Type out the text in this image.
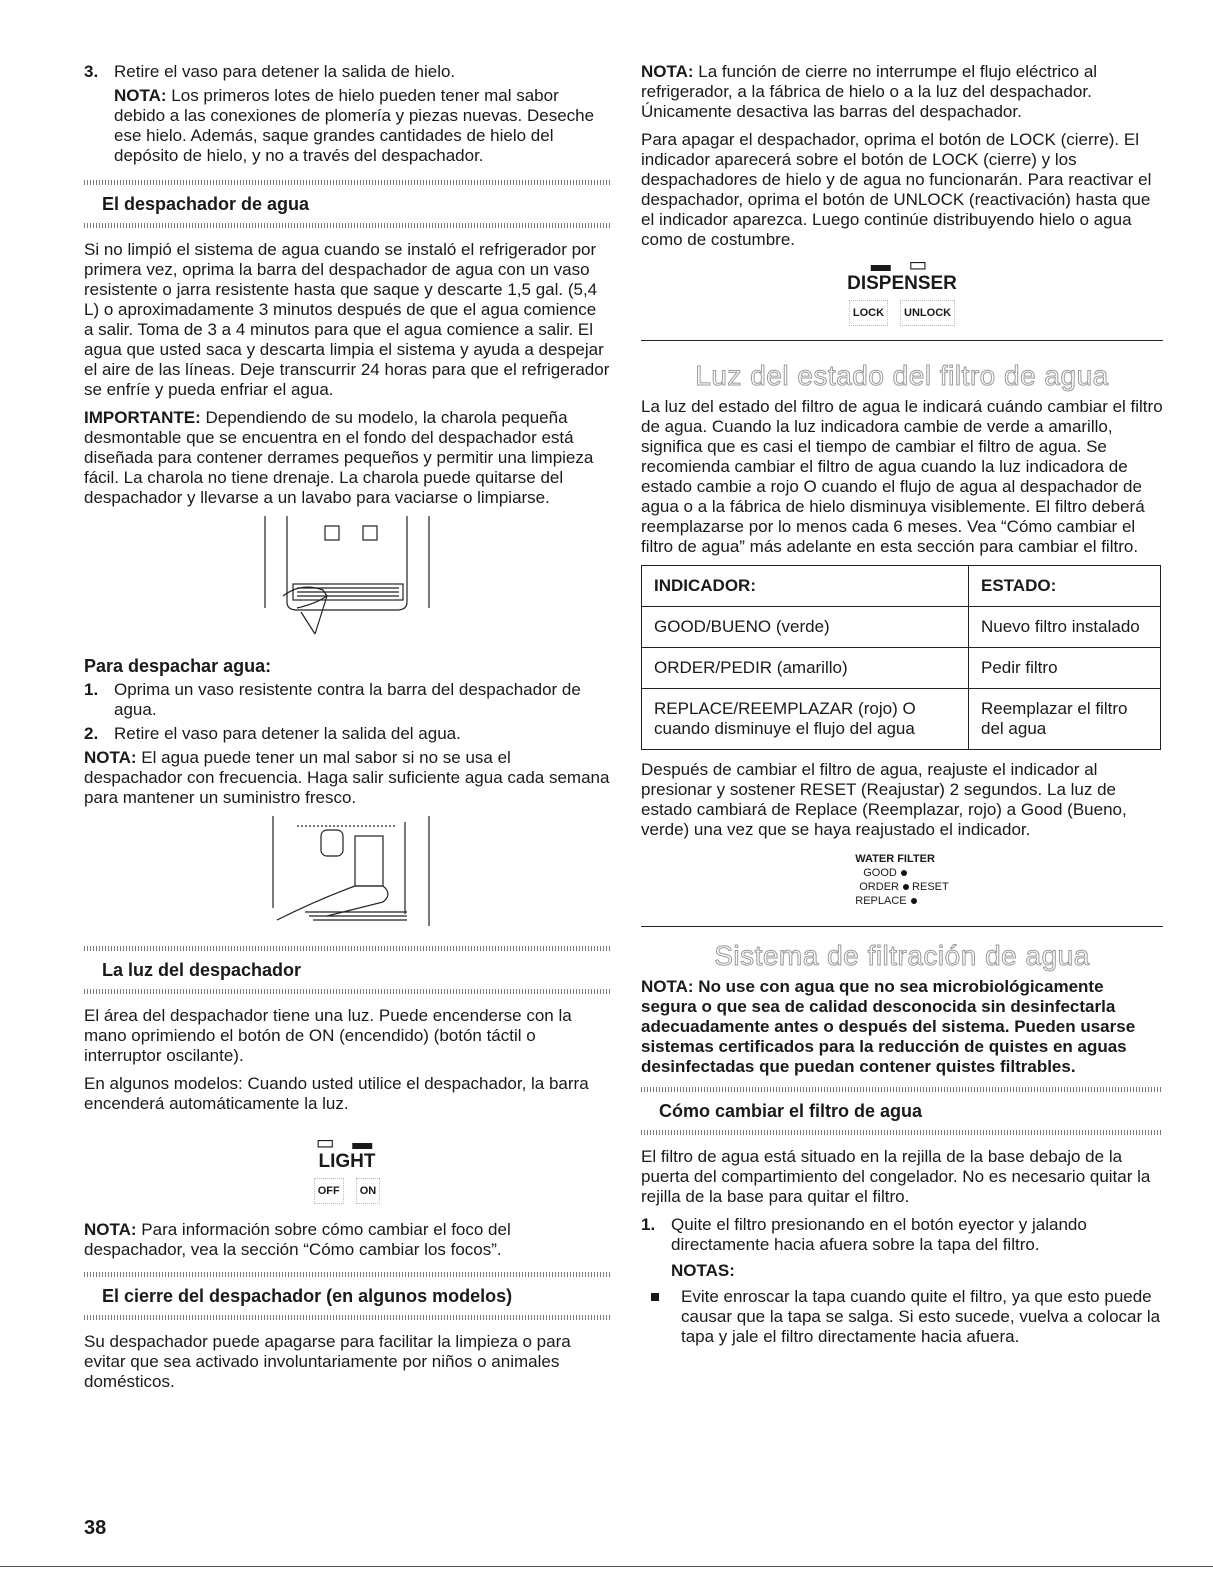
3. Retire el vaso para detener la salida de hielo.

NOTA: Los primeros lotes de hielo pueden tener mal sabor debido a las conexiones de plomería y piezas nuevas. Deseche ese hielo. Además, saque grandes cantidades de hielo del depósito de hielo, y no a través del despachador.

El despachador de agua

Si no limpió el sistema de agua cuando se instaló el refrigerador por primera vez, oprima la barra del despachador de agua con un vaso resistente o jarra resistente hasta que saque y descarte 1,5 gal. (5,4 L) o aproximadamente 3 minutos después de que el agua comience a salir. Toma de 3 a 4 minutos para que el agua comience a salir. El agua que usted saca y descarta limpia el sistema y ayuda a despejar el aire de las líneas. Deje transcurrir 24 horas para que el refrigerador se enfríe y pueda enfriar el agua.

IMPORTANTE: Dependiendo de su modelo, la charola pequeña desmontable que se encuentra en el fondo del despachador está diseñada para contener derrames pequeños y permitir una limpieza fácil. La charola no tiene drenaje. La charola puede quitarse del despachador y llevarse a un lavabo para vaciarse o limpiarse.

Para despachar agua:
1. Oprima un vaso resistente contra la barra del despachador de agua.
2. Retire el vaso para detener la salida del agua.

NOTA: El agua puede tener un mal sabor si no se usa el despachador con frecuencia. Haga salir suficiente agua cada semana para mantener un suministro fresco.

La luz del despachador

El área del despachador tiene una luz. Puede encenderse con la mano oprimiendo el botón de ON (encendido) (botón táctil o interruptor oscilante).

En algunos modelos: Cuando usted utilice el despachador, la barra encenderá automáticamente la luz.

▭ ▬
LIGHT
OFF	ON

NOTA: Para información sobre cómo cambiar el foco del despachador, vea la sección “Cómo cambiar los focos”.

El cierre del despachador (en algunos modelos)

Su despachador puede apagarse para facilitar la limpieza o para evitar que sea activado involuntariamente por niños o animales domésticos.

NOTA: La función de cierre no interrumpe el flujo eléctrico al refrigerador, a la fábrica de hielo o a la luz del despachador. Únicamente desactiva las barras del despachador.

Para apagar el despachador, oprima el botón de LOCK (cierre). El indicador aparecerá sobre el botón de LOCK (cierre) y los despachadores de hielo y de agua no funcionarán. Para reactivar el despachador, oprima el botón de UNLOCK (reactivación) hasta que el indicador aparezca. Luego continúe distribuyendo hielo o agua como de costumbre.

▬ ▭
DISPENSER
LOCK	UNLOCK
Luz del estado del filtro de agua

La luz del estado del filtro de agua le indicará cuándo cambiar el filtro de agua. Cuando la luz indicadora cambie de verde a amarillo, significa que es casi el tiempo de cambiar el filtro de agua. Se recomienda cambiar el filtro de agua cuando la luz indicadora de estado cambie a rojo O cuando el flujo de agua al despachador de agua o a la fábrica de hielo disminuya visiblemente. El filtro deberá reemplazarse por lo menos cada 6 meses. Vea “Cómo cambiar el filtro de agua” más adelante en esta sección para cambiar el filtro.

INDICADOR:	ESTADO:
GOOD/BUENO (verde)	Nuevo filtro instalado
ORDER/PEDIR (amarillo)	Pedir filtro
REPLACE/REEMPLAZAR (rojo) O cuando disminuye el flujo del agua	Reemplazar el filtro del agua

Después de cambiar el filtro de agua, reajuste el indicador al presionar y sostener RESET (Reajustar) 2 segundos. La luz de estado cambiará de Replace (Reemplazar, rojo) a Good (Bueno, verde) una vez que se haya reajustado el indicador.

WATER FILTER
GOOD
ORDER RESET
REPLACE
Sistema de filtración de agua

NOTA: No use con agua que no sea microbiológicamente segura o que sea de calidad desconocida sin desinfectarla adecuadamente antes o después del sistema. Pueden usarse sistemas certificados para la reducción de quistes en aguas desinfectadas que puedan contener quistes filtrables.

Cómo cambiar el filtro de agua

El filtro de agua está situado en la rejilla de la base debajo de la puerta del compartimiento del congelador. No es necesario quitar la rejilla de la base para quitar el filtro.

1. Quite el filtro presionando en el botón eyector y jalando directamente hacia afuera sobre la tapa del filtro.
NOTAS:
Evite enroscar la tapa cuando quite el filtro, ya que esto puede causar que la tapa se salga. Si esto sucede, vuelva a colocar la tapa y jale el filtro directamente hacia afuera.
38
